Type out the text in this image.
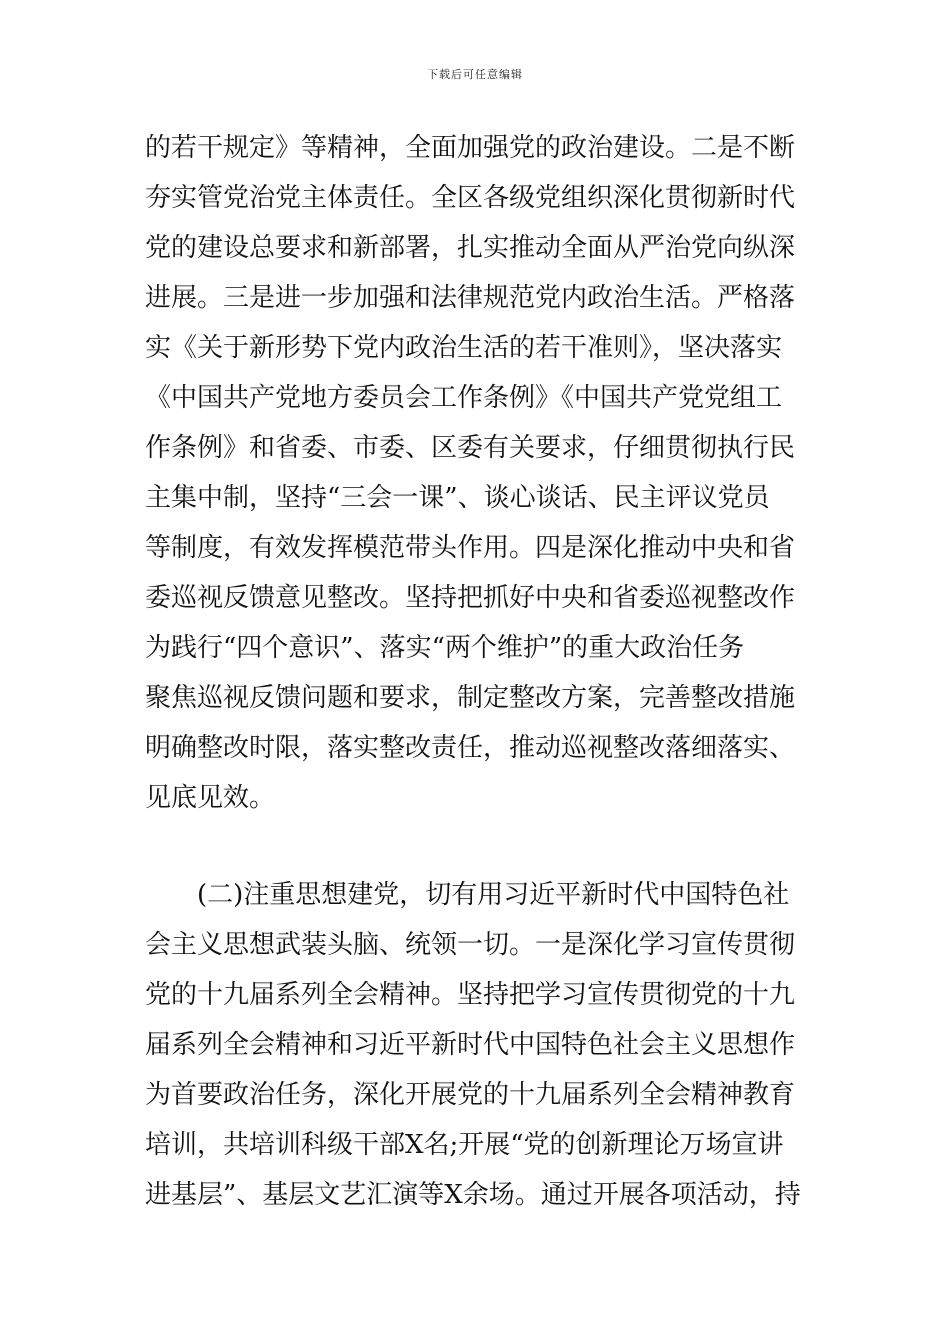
下载后可任意编辑
的若干规定》等精神，全面加强党的政治建设。二是不断
夯实管党治党主体责任。全区各级党组织深化贯彻新时代
党的建设总要求和新部署，扎实推动全面从严治党向纵深
进展。三是进一步加强和法律规范党内政治生活。严格落
实《关于新形势下党内政治生活的若干准则》，坚决落实
《中国共产党地方委员会工作条例》《中国共产党党组工
作条例》和省委、市委、区委有关要求，仔细贯彻执行民
主集中制，坚持“三会一课”、谈心谈话、民主评议党员
等制度，有效发挥模范带头作用。四是深化推动中央和省
委巡视反馈意见整改。坚持把抓好中央和省委巡视整改作
为践行“四个意识”、落实“两个维护”的重大政治任务
聚焦巡视反馈问题和要求，制定整改方案，完善整改措施
明确整改时限，落实整改责任，推动巡视整改落细落实、
见底见效。
(二)注重思想建党，切有用习近平新时代中国特色社
会主义思想武装头脑、统领一切。一是深化学习宣传贯彻
党的十九届系列全会精神。坚持把学习宣传贯彻党的十九
届系列全会精神和习近平新时代中国特色社会主义思想作
为首要政治任务，深化开展党的十九届系列全会精神教育
培训，共培训科级干部X名;开展“党的创新理论万场宣讲
进基层”、基层文艺汇演等X余场。通过开展各项活动，持
